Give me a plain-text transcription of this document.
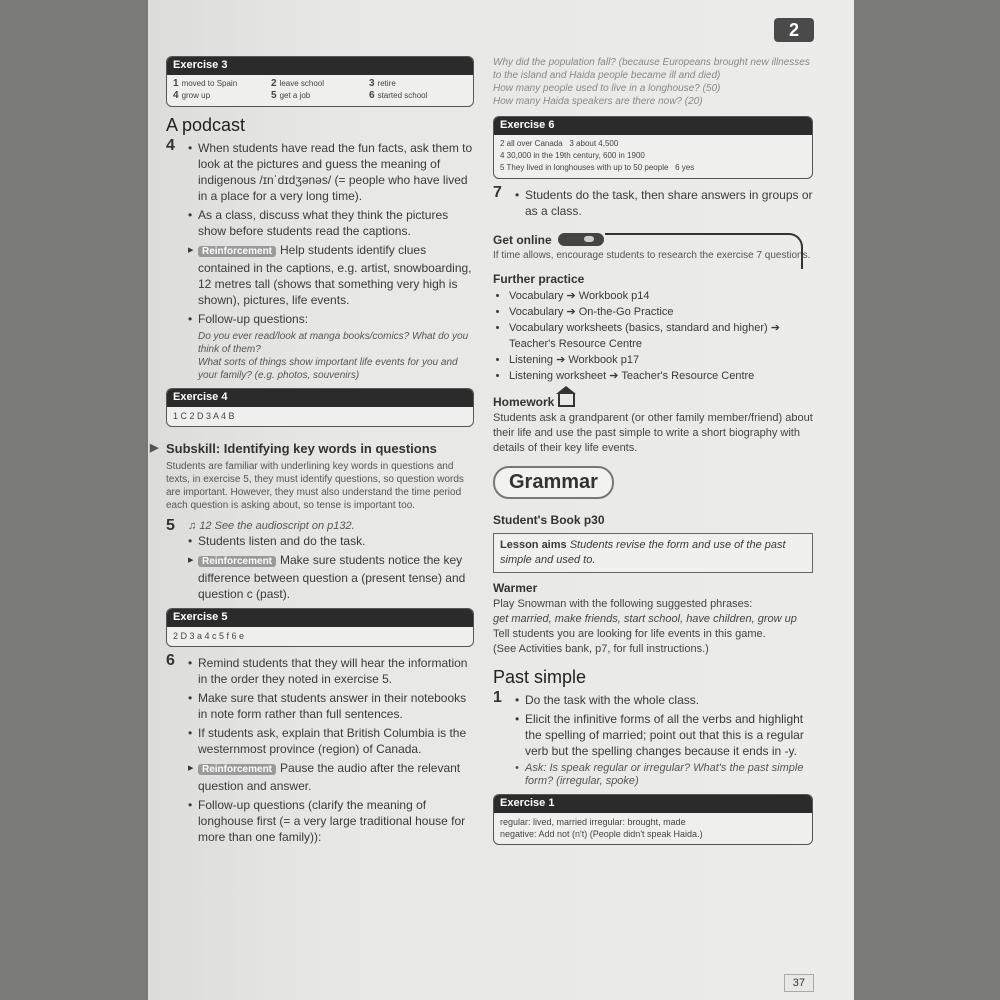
2
Exercise 3
1 moved to Spain	2 leave school	3 retire
4 grow up	5 get a job	6 started school
A podcast
4	• When students have read the fun facts, ask them to look at the pictures and guess the meaning of indigenous /ɪnˈdɪdʒənəs/ (= people who have lived in a place for a very long time).
• As a class, discuss what they think the pictures show before students read the captions.
▸ Reinforcement Help students identify clues contained in the captions, e.g. artist, snowboarding, 12 metres tall (shows that something very high is shown), pictures, life events.
• Follow-up questions:
Do you ever read/look at manga books/comics? What do you think of them?
What sorts of things show important life events for you and your family? (e.g. photos, souvenirs)
Exercise 4
1 C 2 D 3 A 4 B
▶ Subskill: Identifying key words in questions
Students are familiar with underlining key words in questions and texts, in exercise 5, they must identify questions, so question words are important. However, they must also understand the time period each question is asking about, so tense is important too.
5 ♫ 12 See the audioscript on p132.
• Students listen and do the task.
▸ Reinforcement Make sure students notice the key difference between question a (present tense) and question c (past).
Exercise 5
2 D 3 a 4 c 5 f 6 e
6	• Remind students that they will hear the information in the order they noted in exercise 5.
• Make sure that students answer in their notebooks in note form rather than full sentences.
• If students ask, explain that British Columbia is the westernmost province (region) of Canada.
▸ Reinforcement Pause the audio after the relevant question and answer.
• Follow-up questions (clarify the meaning of longhouse first (= a very large traditional house for more than one family)):
Why did the population fall? (because Europeans brought new illnesses to the island and Haida people became ill and died)
How many people used to live in a longhouse? (50)
How many Haida speakers are there now? (20)
Exercise 6
2 all over Canada 3 about 4,500
4 30,000 in the 19th century, 600 in 1900
5 They lived in longhouses with up to 50 people 6 yes
7	• Students do the task, then share answers in groups or as a class.
Get online
If time allows, encourage students to research the exercise 7 questions.
Further practice
• Vocabulary ➔ Workbook p14
• Vocabulary ➔ On-the-Go Practice
• Vocabulary worksheets (basics, standard and higher) ➔ Teacher's Resource Centre
• Listening ➔ Workbook p17
• Listening worksheet ➔ Teacher's Resource Centre
Homework
Students ask a grandparent (or other family member/friend) about their life and use the past simple to write a short biography with details of their key life events.
Grammar
Student's Book p30
Lesson aims Students revise the form and use of the past simple and used to.
Warmer
Play Snowman with the following suggested phrases:
get married, make friends, start school, have children, grow up
Tell students you are looking for life events in this game.
(See Activities bank, p7, for full instructions.)
Past simple
1	• Do the task with the whole class.
• Elicit the infinitive forms of all the verbs and highlight the spelling of married; point out that this is a regular verb but the spelling changes because it ends in -y.
• Ask: Is speak regular or irregular? What's the past simple form? (irregular, spoke)
Exercise 1
regular: lived, married irregular: brought, made
negative: Add not (n't) (People didn't speak Haida.)
37
